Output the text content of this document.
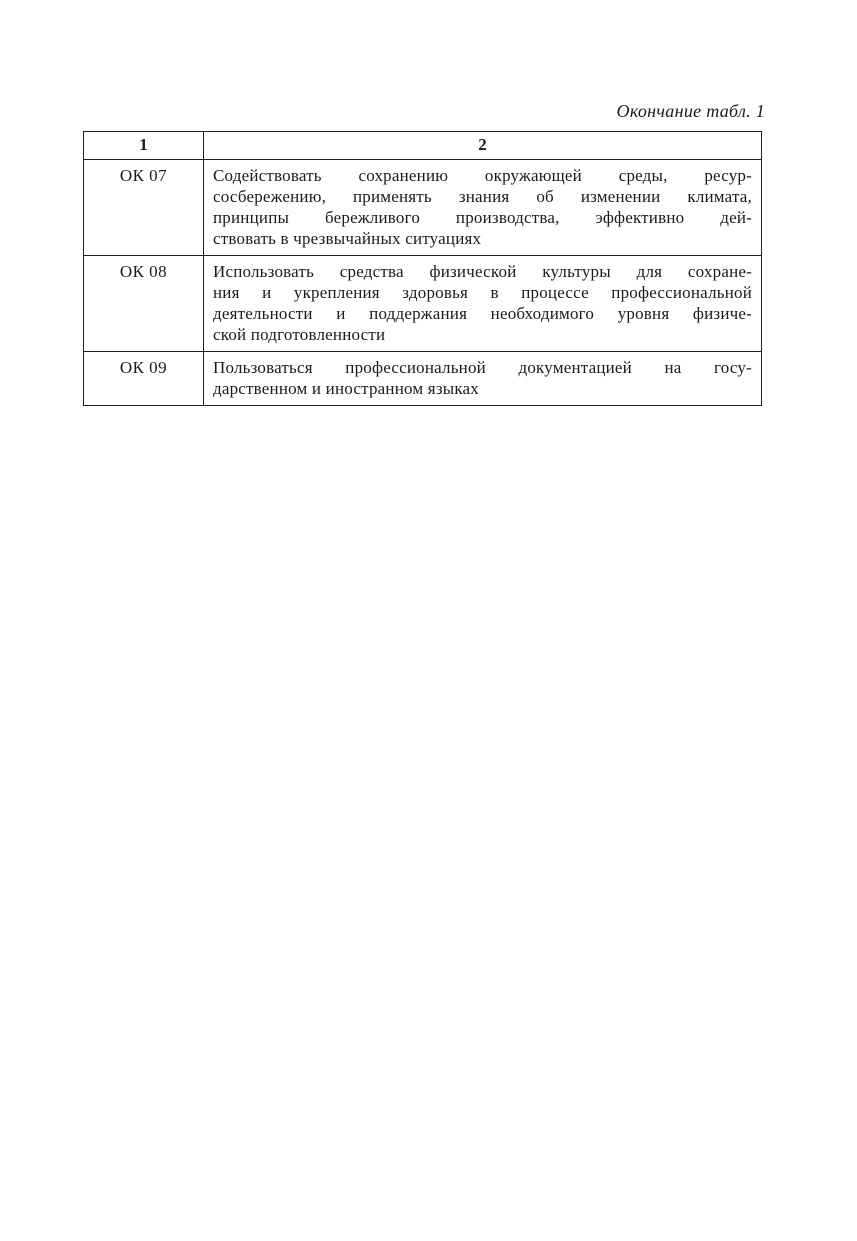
Окончание табл. 1

1	2
ОК 07	Содействовать сохранению окружающей среды, ресур-
сосбережению, применять знания об изменении климата,
принципы бережливого производства, эффективно дей-
ствовать в чрезвычайных ситуациях

ОК 08	Использовать средства физической культуры для сохране-
ния и укрепления здоровья в процессе профессиональной
деятельности и поддержания необходимого уровня физиче-
ской подготовленности

ОК 09	Пользоваться профессиональной документацией на госу-
дарственном и иностранном языках
